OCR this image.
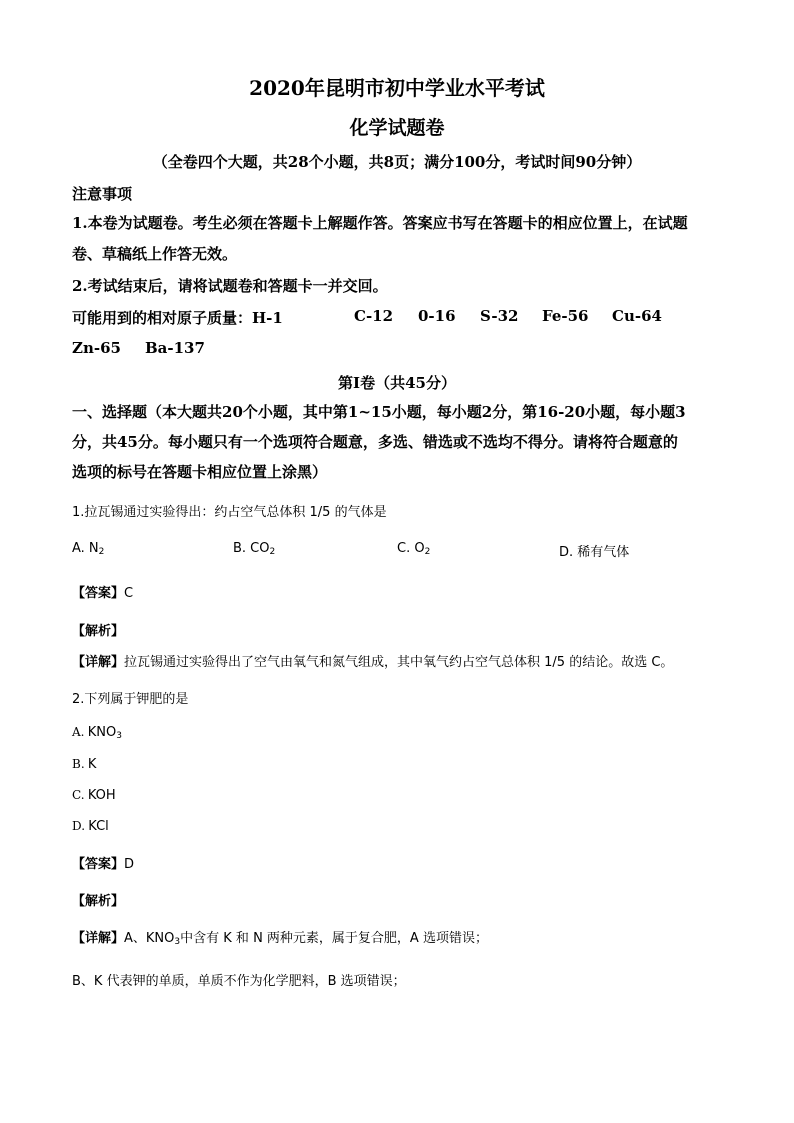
2020年昆明市初中学业水平考试
化学试题卷
（全卷四个大题，共28个小题，共8页；满分100分，考试时间90分钟）
注意事项
1.本卷为试题卷。考生必须在答题卡上解题作答。答案应书写在答题卡的相应位置上，在试题
卷、草稿纸上作答无效。
2.考试结束后，请将试题卷和答题卡一并交回。
可能用到的相对原子质量：H-1	C-12 0-16 S-32 Fe-56 Cu-64
Zn-65 Ba-137
第Ⅰ卷（共45分）
一、选择题（本大题共20个小题，其中第1~15小题，每小题2分，第16-20小题，每小题3
分，共45分。每小题只有一个选项符合题意，多选、错选或不选均不得分。请将符合题意的
选项的标号在答题卡相应位置上涂黑）
1.拉瓦锡通过实验得出：约占空气总体积 1/5 的气体是
A. $N_2$	B. $CO_2$	C. $O_2$	D. 稀有气体
【答案】C
【解析】
【详解】拉瓦锡通过实验得出了空气由氧气和氮气组成，其中氧气约占空气总体积 1/5 的结论。故选 C。
2.下列属于钾肥的是
A. $KNO_3$
B. K
C. KOH
D. KCl
【答案】D
【解析】
【详解】A、$KNO_3$中含有 K 和 N 两种元素，属于复合肥，A 选项错误；
B、K 代表钾的单质，单质不作为化学肥料，B 选项错误；
